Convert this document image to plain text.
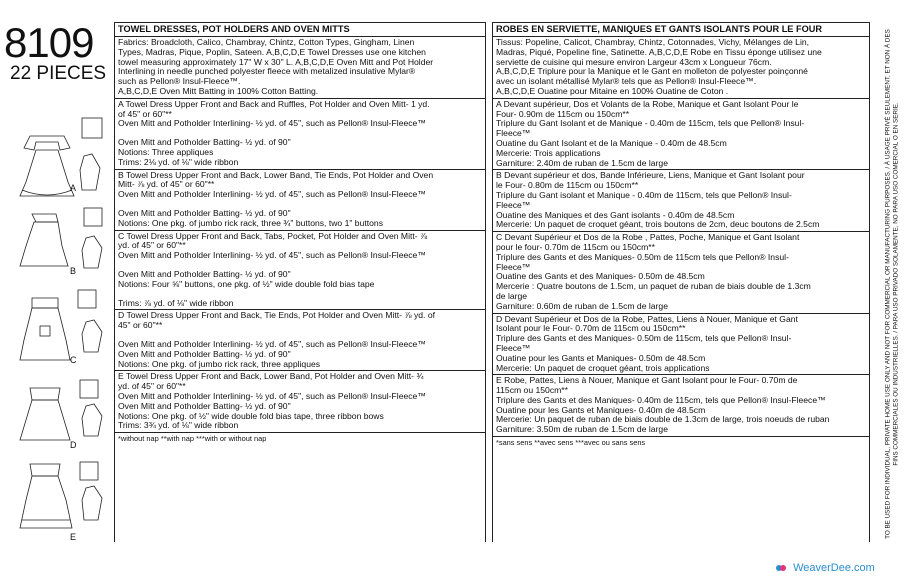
8109
22 PIECES
A
B
C
D
E
TOWEL DRESSES, POT HOLDERS AND OVEN MITTS
Fabrics: Broadcloth, Calico, Chambray, Chintz, Cotton Types, Gingham, Linen
Types, Madras, Pique, Poplin, Sateen. A,B,C,D,E Towel Dresses use one kitchen
towel measuring approximately 17" W x 30" L. A,B,C,D,E Oven Mitt and Pot Holder
Interlining in needle punched polyester fleece with metalized insulative Mylar®
such as Pellon® Insul-Fleece™.
A,B,C,D,E Oven Mitt Batting in 100% Cotton Batting.
A Towel Dress Upper Front and Back and Ruffles, Pot Holder and Oven Mitt- 1 yd.
of 45" or 60"**
Oven Mitt and Potholder Interlining- ½ yd. of 45", such as Pellon® Insul-Fleece™
Oven Mitt and Potholder Batting- ½ yd. of 90"
Notions: Three appliques
Trims: 2⅛ yd. of ⅛" wide ribbon
B Towel Dress Upper Front and Back, Lower Band, Tie Ends, Pot Holder and Oven
Mitt- ⅞ yd. of 45" or 60"**
Oven Mitt and Potholder Interlining- ½ yd. of 45", such as Pellon® Insul-Fleece™
Oven Mitt and Potholder Batting- ½ yd. of 90"
Notions: One pkg. of jumbo rick rack, three ¾" buttons, two 1" buttons
C Towel Dress Upper Front and Back, Tabs, Pocket, Pot Holder and Oven Mitt- ⅞
yd. of 45" or 60"**
Oven Mitt and Potholder Interlining- ½ yd. of 45", such as Pellon® Insul-Fleece™
Oven Mitt and Potholder Batting- ½ yd. of 90"
Notions: Four ⅝" buttons, one pkg. of ½" wide double fold bias tape
Trims: ⅞ yd. of ⅛" wide ribbon
D Towel Dress Upper Front and Back, Tie Ends, Pot Holder and Oven Mitt- ⅞ yd. of
45" or 60"**
Oven Mitt and Potholder Interlining- ½ yd. of 45", such as Pellon® Insul-Fleece™
Oven Mitt and Potholder Batting- ½ yd. of 90"
Notions: One pkg. of jumbo rick rack, three appliques
E Towel Dress Upper Front and Back, Lower Band, Pot Holder and Oven Mitt- ¾
yd. of 45" or 60"**
Oven Mitt and Potholder Interlining- ½ yd. of 45", such as Pellon® Insul-Fleece™
Oven Mitt and Potholder Batting- ½ yd. of 90"
Notions: One pkg. of ½" wide double fold bias tape, three ribbon bows
Trims: 3¾ yd. of ⅛" wide ribbon
*without nap **with nap ***with or without nap
ROBES EN SERVIETTE, MANIQUES ET GANTS ISOLANTS POUR LE FOUR
Tissus: Popeline, Calicot, Chambray, Chintz, Cotonnades, Vichy, Mélanges de Lin,
Madras, Piqué, Popeline fine, Satinette. A,B,C,D,E Robe en Tissu éponge utilisez une
serviette de cuisine qui mesure environ Largeur 43cm x Longueur 76cm.
A,B,C,D,E Triplure pour la Manique et le Gant en molleton de polyester poinçonné
avec un isolant métallisé Mylar® tels que as Pellon® Insul-Fleece™.
A,B,C,D,E Ouatine pour Mitaine en 100% Ouatine de Coton .
A Devant supérieur, Dos et Volants de la Robe, Manique et Gant Isolant Pour le
Four- 0.90m de 115cm ou 150cm**
Triplure du Gant Isolant et de Manique - 0.40m de 115cm, tels que Pellon® Insul-
Fleece™
Ouatine du Gant Isolant et de la Manique - 0.40m de 48.5cm
Mercerie: Trois applications
Garniture: 2.40m de ruban de 1.5cm de large
B Devant supérieur et dos, Bande Inférieure, Liens, Manique et Gant Isolant pour
le Four- 0.80m de 115cm ou 150cm**
Triplure du Gant isolant et Manique - 0.40m de 115cm, tels que Pellon® Insul-
Fleece™
Ouatine des Maniques et des Gant isolants - 0.40m de 48.5cm
Mercerie: Un paquet de croquet géant, trois boutons de 2cm, deuc boutons de 2.5cm
C Devant Supérieur et Dos de la Robe , Pattes, Poche, Manique et Gant Isolant
pour le four- 0.70m de 115cm ou 150cm**
Triplure des Gants et des Maniques- 0.50m de 115cm tels que Pellon® Insul-
Fleece™
Ouatine des Gants et des Maniques- 0.50m de 48.5cm
Mercerie : Quatre boutons de 1.5cm, un paquet de ruban de biais double de 1.3cm
de large
Garniture: 0.60m de ruban de 1.5cm de large
D Devant Supérieur et Dos de la Robe, Pattes, Liens à Nouer, Manique et Gant
Isolant pour le Four- 0.70m de 115cm ou 150cm**
Triplure des Gants et des Maniques- 0.50m de 115cm, tels que Pellon® Insul-
Fleece™
Ouatine pour les Gants et Maniques- 0.50m de 48.5cm
Mercerie: Un paquet de croquet géant, trois applications
E Robe, Pattes, Liens à Nouer, Manique et Gant Isolant pour le Four- 0.70m de
115cm ou 150cm**
Triplure des Gants et des Maniques- 0.40m de 115cm, tels que Pellon® Insul-Fleece™
Ouatine pour les Gants et Maniques- 0.40m de 48.5cm
Mercerie: Un paquet de ruban de biais double de 1.3cm de large, trois noeuds de ruban
Garniture: 3.50m de ruban de 1.5cm de large
*sans sens **avec sens ***avec ou sans sens	TO BE USED FOR INDIVIDUAL, PRIVATE HOME USE ONLY AND NOT FOR COMMERCIAL OR MANUFACTURING PURPOSES. / À USAGE PRIVÉ SEULEMENT, ET NON À DES FINS COMMERCIALES OU INDUSTRIELLES. / PARA USO PRIVADO SOLAMENTE, NO PARA USO COMERCIAL O EN SERIE.
WeaverDee.com
